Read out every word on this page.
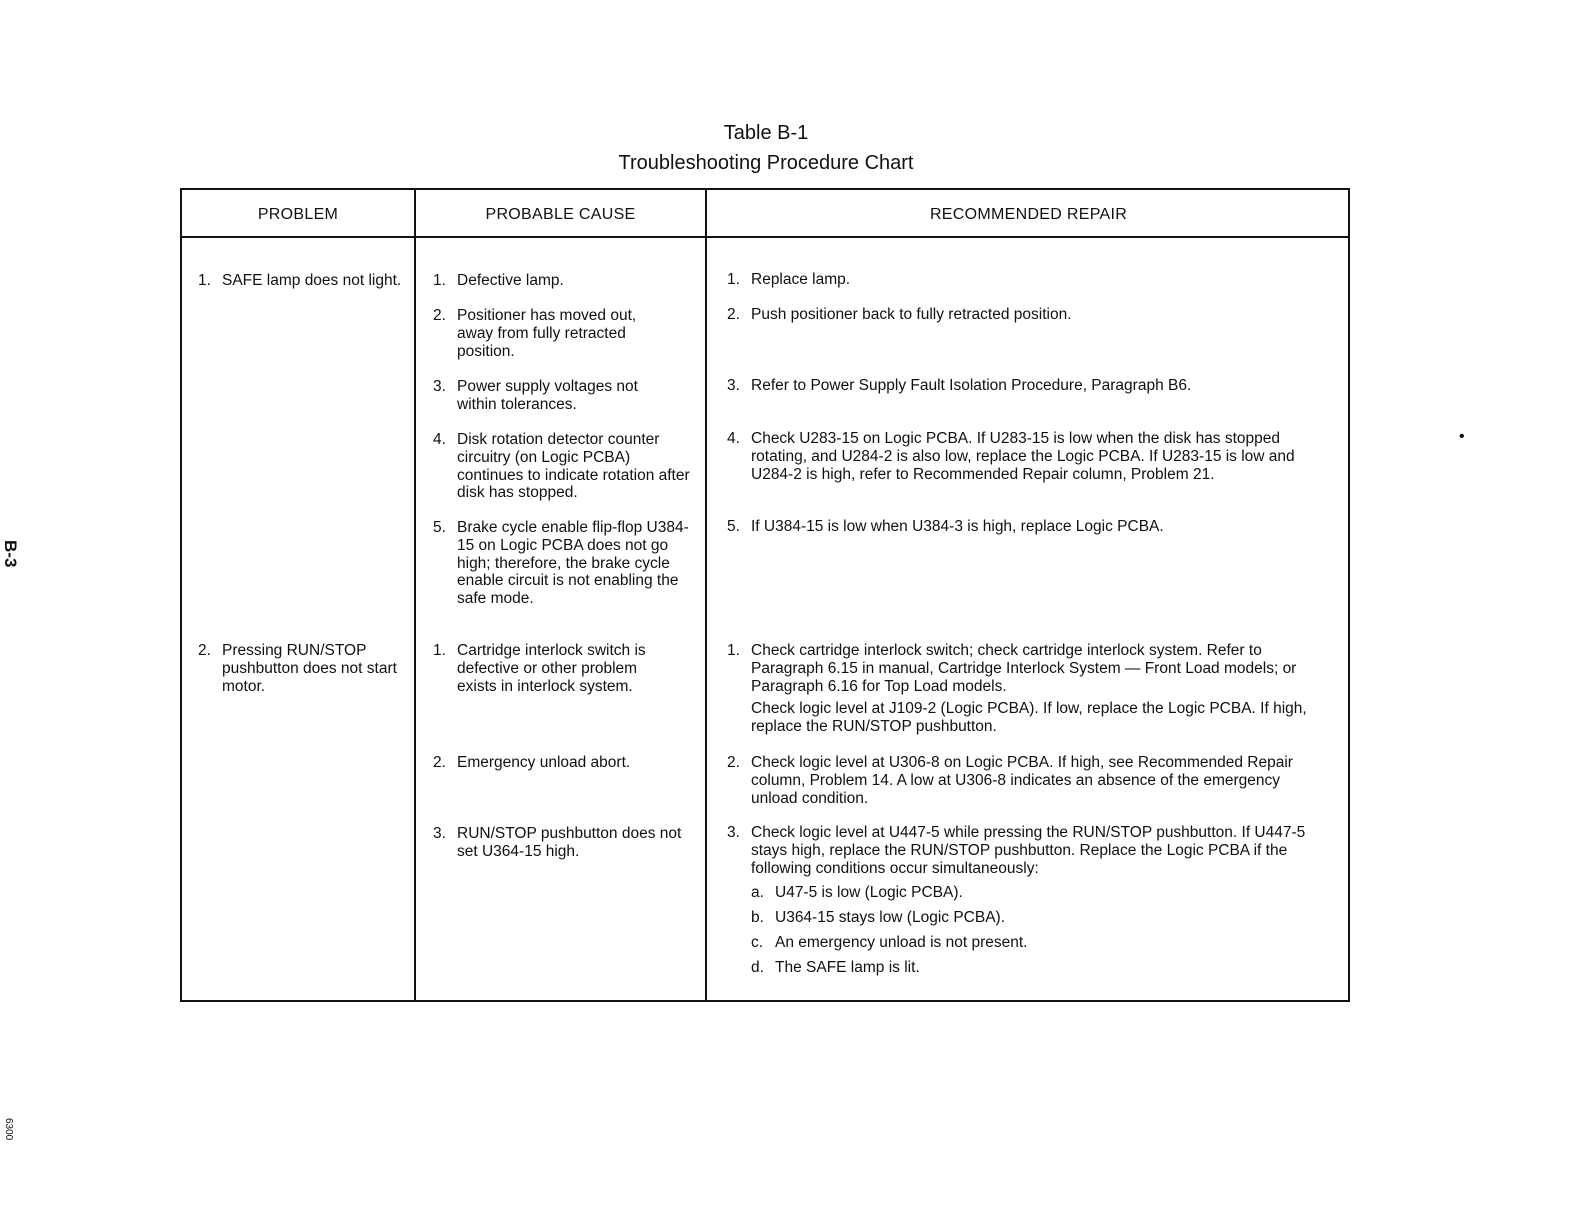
Table B-1
Troubleshooting Procedure Chart
B-3
6300
•
PROBLEM	PROBABLE CAUSE	RECOMMENDED REPAIR
1. SAFE lamp does not light. 1. Defective lamp.
2. Positioner has moved out, away from fully retracted position.
3. Power supply voltages not within tolerances.
4. Disk rotation detector counter circuitry (on Logic PCBA) continues to indicate rotation after disk has stopped.
5. Brake cycle enable flip-flop U384-15 on Logic PCBA does not go high; therefore, the brake cycle enable circuit is not enabling the safe mode.
1. Replace lamp.
2. Push positioner back to fully retracted position.
3. Refer to Power Supply Fault Isolation Procedure, Paragraph B6.
4. Check U283-15 on Logic PCBA. If U283-15 is low when the disk has stopped rotating, and U284-2 is also low, replace the Logic PCBA. If U283-15 is low and U284-2 is high, refer to Recommended Repair column, Problem 21.
5. If U384-15 is low when U384-3 is high, replace Logic PCBA.
2. Pressing RUN/STOP pushbutton does not start motor.
1. Cartridge interlock switch is defective or other problem exists in interlock system.
2. Emergency unload abort.
3. RUN/STOP pushbutton does not set U364-15 high.
1. Check cartridge interlock switch; check cartridge interlock system. Refer to Paragraph 6.15 in manual, Cartridge Interlock System — Front Load models; or Paragraph 6.16 for Top Load models.
Check logic level at J109-2 (Logic PCBA). If low, replace the Logic PCBA. If high, replace the RUN/STOP pushbutton.
2. Check logic level at U306-8 on Logic PCBA. If high, see Recommended Repair column, Problem 14. A low at U306-8 indicates an absence of the emergency unload condition.
3. Check logic level at U447-5 while pressing the RUN/STOP pushbutton. If U447-5 stays high, replace the RUN/STOP pushbutton. Replace the Logic PCBA if the following conditions occur simultaneously:
a. U47-5 is low (Logic PCBA).
b. U364-15 stays low (Logic PCBA).
c. An emergency unload is not present.
d. The SAFE lamp is lit.
